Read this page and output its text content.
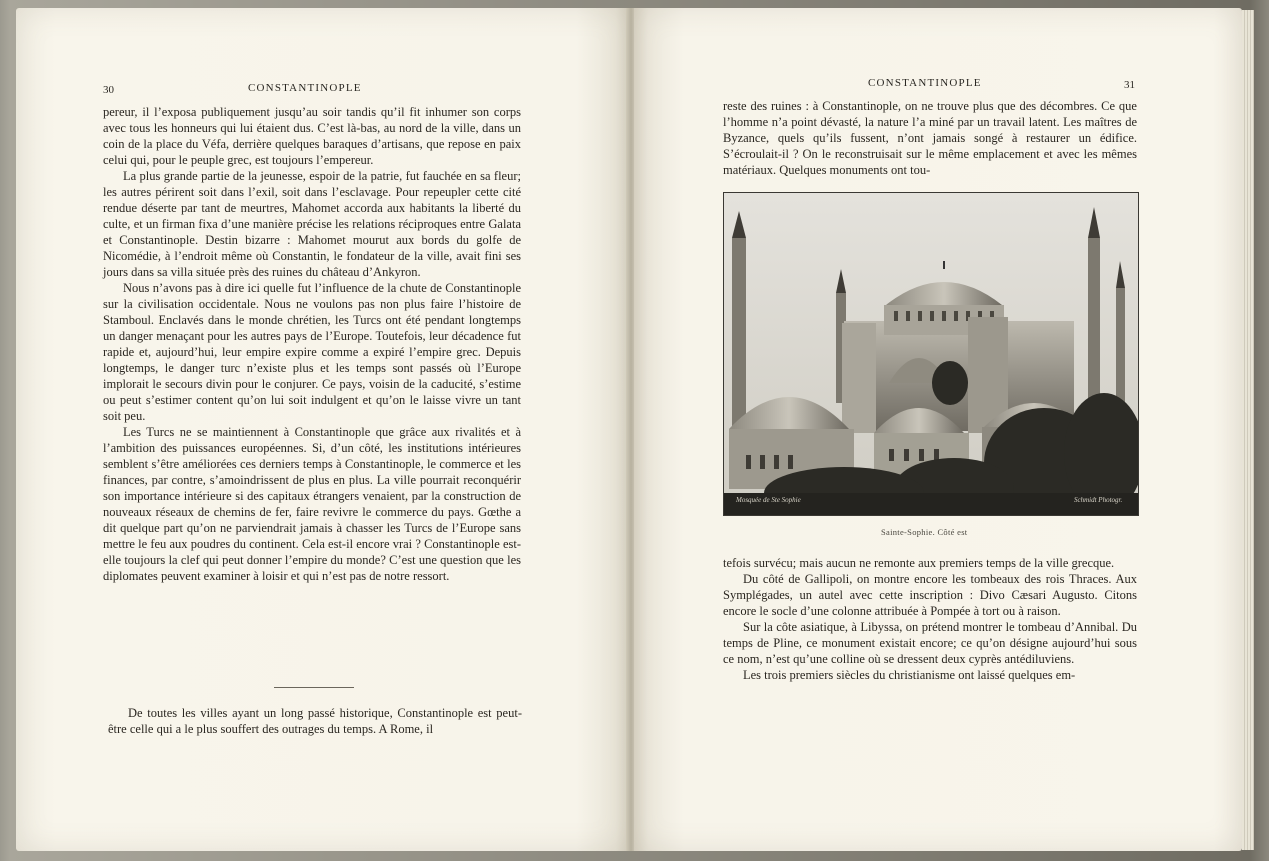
30	CONSTANTINOPLE

pereur, il l’exposa publiquement jusqu’au soir tandis qu’il fit inhumer son corps avec tous les honneurs qui lui étaient dus. C’est là-bas, au nord de la ville, dans un coin de la place du Véfa, derrière quelques baraques d’artisans, que repose en paix celui qui, pour le peuple grec, est toujours l’empereur.

La plus grande partie de la jeunesse, espoir de la patrie, fut fauchée en sa fleur; les autres périrent soit dans l’exil, soit dans l’esclavage. Pour repeupler cette cité rendue déserte par tant de meurtres, Mahomet accorda aux habitants la liberté du culte, et un firman fixa d’une manière précise les relations réciproques entre Galata et Constantinople. Destin bizarre : Mahomet mourut aux bords du golfe de Nicomédie, à l’endroit même où Constantin, le fondateur de la ville, avait fini ses jours dans sa villa située près des ruines du château d’Ankyron.

Nous n’avons pas à dire ici quelle fut l’influence de la chute de Constantinople sur la civilisation occidentale. Nous ne voulons pas non plus faire l’histoire de Stamboul. Enclavés dans le monde chrétien, les Turcs ont été pendant longtemps un danger menaçant pour les autres pays de l’Europe. Toutefois, leur décadence fut rapide et, aujourd’hui, leur empire expire comme a expiré l’empire grec. Depuis longtemps, le danger turc n’existe plus et les temps sont passés où l’Europe implorait le secours divin pour le conjurer. Ce pays, voisin de la caducité, s’estime ou peut s’estimer content qu’on lui soit indulgent et qu’on le laisse vivre un tant soit peu.

Les Turcs ne se maintiennent à Constantinople que grâce aux rivalités et à l’ambition des puissances européennes. Si, d’un côté, les institutions intérieures semblent s’être améliorées ces derniers temps à Constantinople, le commerce et les finances, par contre, s’amoindrissent de plus en plus. La ville pourrait reconquérir son importance intérieure si des capitaux étrangers venaient, par la construction de nouveaux réseaux de chemins de fer, faire revivre le commerce du pays. Gœthe a dit quelque part qu’on ne parviendrait jamais à chasser les Turcs de l’Europe sans mettre le feu aux poudres du continent. Cela est-il encore vrai ? Constantinople est-elle toujours la clef qui peut donner l’empire du monde? C’est une question que les diplomates peuvent examiner à loisir et qui n’est pas de notre ressort.

De toutes les villes ayant un long passé historique, Constantinople est peut-être celle qui a le plus souffert des outrages du temps. A Rome, il

CONSTANTINOPLE	31

reste des ruines : à Constantinople, on ne trouve plus que des décombres. Ce que l’homme n’a point dévasté, la nature l’a miné par un travail latent. Les maîtres de Byzance, quels qu’ils fussent, n’ont jamais songé à restaurer un édifice. S’écroulait-il ? On le reconstruisait sur le même emplacement et avec les mêmes matériaux. Quelques monuments ont tou-

Mosquée de Ste Sophie	Schmidt Photogr.
Sainte-Sophie. Côté est

tefois survécu; mais aucun ne remonte aux premiers temps de la ville grecque.

Du côté de Gallipoli, on montre encore les tombeaux des rois Thraces. Aux Symplégades, un autel avec cette inscription : Divo Cæsari Augusto. Citons encore le socle d’une colonne attribuée à Pompée à tort ou à raison.

Sur la côte asiatique, à Libyssa, on prétend montrer le tombeau d’Annibal. Du temps de Pline, ce monument existait encore; ce qu’on désigne aujourd’hui sous ce nom, n’est qu’une colline où se dressent deux cyprès antédiluviens.

Les trois premiers siècles du christianisme ont laissé quelques em-
